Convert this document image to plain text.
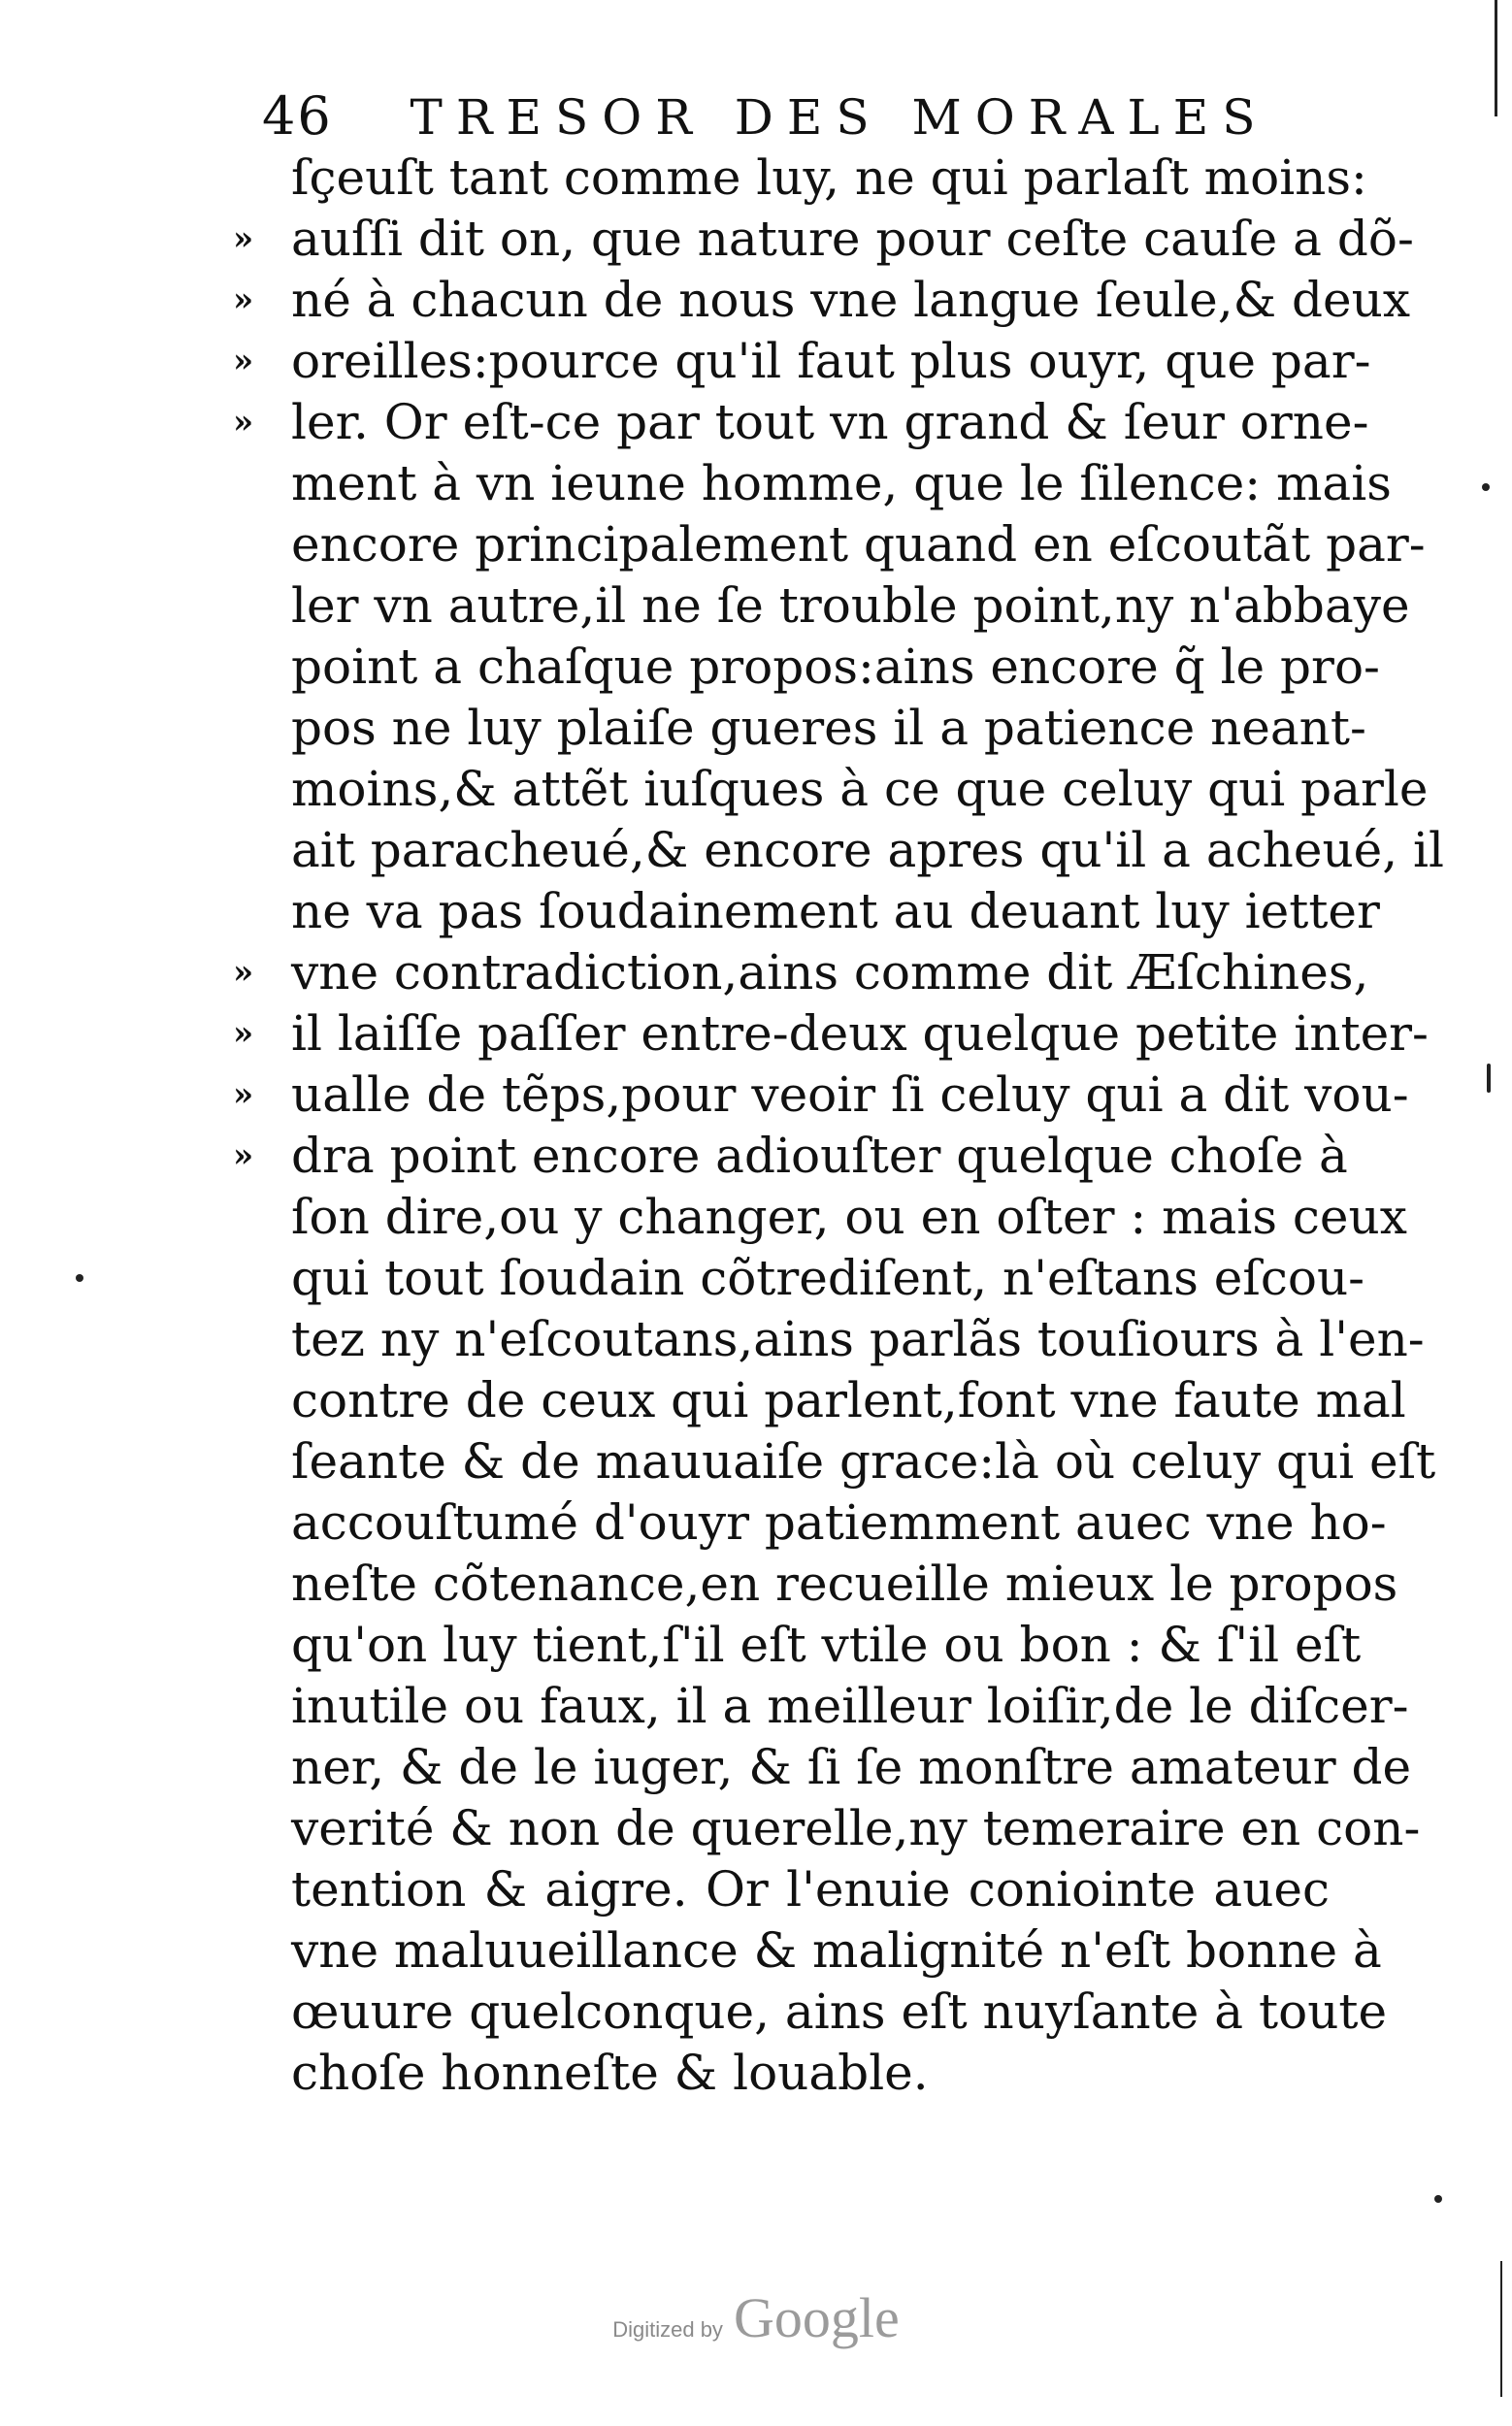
46	TRESOR DES MORALES
ſçeuſt tant comme luy, ne qui parlaſt moins:
» auſſi dit on, que nature pour ceſte cauſe a dõ-
» né à chacun de nous vne langue ſeule,& deux
» oreilles:pource qu'il faut plus ouyr, que par-
» ler. Or eſt-ce par tout vn grand & ſeur orne-
ment à vn ieune homme, que le ſilence: mais
encore principalement quand en eſcoutãt par-
ler vn autre,il ne ſe trouble point,ny n'abbaye
point a chaſque propos:ains encore q̃ le pro-
pos ne luy plaiſe gueres il a patience neant-
moins,& attẽt iuſques à ce que celuy qui parle
ait paracheué,& encore apres qu'il a acheué, il
ne va pas ſoudainement au deuant luy ietter
» vne contradiction,ains comme dit Æſchines,
» il laiſſe paſſer entre-deux quelque petite inter-
» ualle de tẽps,pour veoir ſi celuy qui a dit vou-
» dra point encore adiouſter quelque choſe à
ſon dire,ou y changer, ou en oſter : mais ceux
qui tout ſoudain cõtrediſent, n'eſtans eſcou-
tez ny n'eſcoutans,ains parlãs touſiours à l'en-
contre de ceux qui parlent,font vne faute mal
ſeante & de mauuaiſe grace:là où celuy qui eſt
accouſtumé d'ouyr patiemment auec vne ho-
neſte cõtenance,en recueille mieux le propos
qu'on luy tient,ſ'il eſt vtile ou bon : & ſ'il eſt
inutile ou faux, il a meilleur loiſir,de le diſcer-
ner, & de le iuger, & ſi ſe monſtre amateur de
verité & non de querelle,ny temeraire en con-
tention & aigre. Or l'enuie coniointe auec
vne maluueillance & malignité n'eſt bonne à
œuure quelconque, ains eſt nuyſante à toute
choſe honneſte & louable.
Digitized by Google
